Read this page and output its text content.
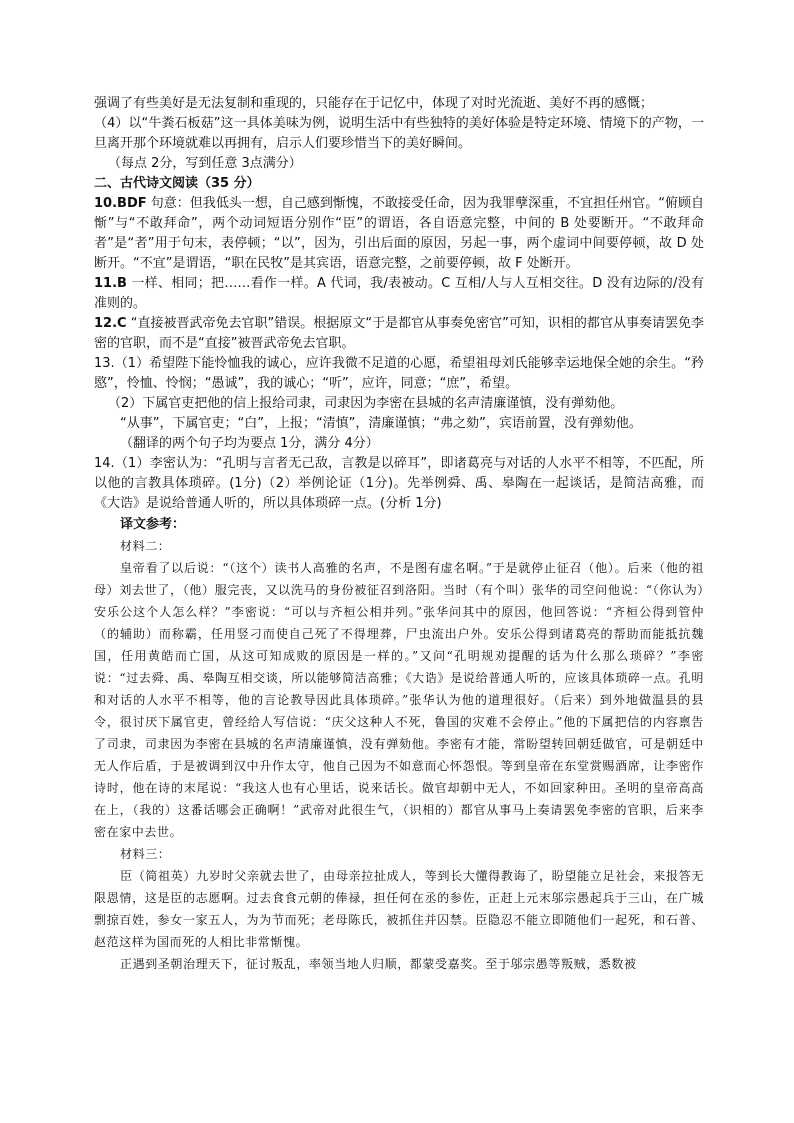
强调了有些美好是无法复制和重现的，只能存在于记忆中，体现了对时光流逝、美好不再的感慨；

（4）以“牛粪石板菇”这一具体美味为例，说明生活中有些独特的美好体验是特定环境、情境下的产物，一旦离开那个环境就难以再拥有，启示人们要珍惜当下的美好瞬间。

（每点 2分，写到任意 3点满分）

二、古代诗文阅读（35 分）

10.BDF 句意：但我低头一想，自己感到惭愧，不敢接受任命，因为我罪孽深重，不宜担任州官。“俯顾自惭”与“不敢拜命”，两个动词短语分别作“臣”的谓语，各自语意完整，中间的 B 处要断开。“不敢拜命者”是“者”用于句末，表停顿；“以”，因为，引出后面的原因，另起一事，两个虚词中间要停顿，故 D 处断开。“不宜”是谓语，“职在民牧”是其宾语，语意完整，之前要停顿，故 F 处断开。

11.B 一样、相同；把……看作一样。A 代词，我/表被动。C 互相/人与人互相交往。D 没有边际的/没有准则的。

12.C “直接被晋武帝免去官职”错误。根据原文“于是都官从事奏免密官”可知，识相的都官从事奏请罢免李密的官职，而不是“直接”被晋武帝免去官职。

13.（1）希望陛下能怜恤我的诚心，应许我微不足道的心愿，希望祖母刘氏能够幸运地保全她的余生。“矜愍”，怜恤、怜悯；“愚诚”，我的诚心；“听”，应许，同意；“庶”，希望。

（2）下属官吏把他的信上报给司隶，司隶因为李密在县城的名声清廉谨慎，没有弹劾他。

“从事”，下属官吏；“白”，上报；“清慎”，清廉谨慎；“弗之劾”，宾语前置，没有弹劾他。

（翻译的两个句子均为要点 1分，满分 4分）

14.（1）李密认为：“孔明与言者无己敌，言教是以碎耳”，即诸葛亮与对话的人水平不相等，不匹配，所以他的言教具体琐碎。(1分)（2）举例论证（1分)。先举例舜、禹、皋陶在一起谈话，是简洁高雅，而《大诰》是说给普通人听的，所以具体琐碎一点。(分析 1分)

译文参考：

材料二：

皇帝看了以后说：“（这个）读书人高雅的名声，不是图有虚名啊。”于是就停止征召（他）。后来（他的祖母）刘去世了，（他）服完丧，又以洗马的身份被征召到洛阳。当时（有个叫）张华的司空问他说：“（你认为）安乐公这个人怎么样？”李密说：“可以与齐桓公相并列。”张华问其中的原因，他回答说：“齐桓公得到管仲（的辅助）而称霸，任用竖刁而使自己死了不得埋葬，尸虫流出户外。安乐公得到诸葛亮的帮助而能抵抗魏国，任用黄皓而亡国，从这可知成败的原因是一样的。”又问“孔明规劝提醒的话为什么那么琐碎？”李密说：“过去舜、禹、皋陶互相交谈，所以能够简洁高雅；《大诰》是说给普通人听的，应该具体琐碎一点。孔明和对话的人水平不相等，他的言论教导因此具体琐碎。”张华认为他的道理很好。（后来）到外地做温县的县令，很讨厌下属官吏，曾经给人写信说：“庆父这种人不死，鲁国的灾难不会停止。”他的下属把信的内容禀告了司隶，司隶因为李密在县城的名声清廉谨慎，没有弹劾他。李密有才能，常盼望转回朝廷做官，可是朝廷中无人作后盾，于是被调到汉中升作太守，他自己因为不如意而心怀怨恨。等到皇帝在东堂赏赐酒席，让李密作诗时，他在诗的末尾说：“我这人也有心里话，说来话长。做官却朝中无人，不如回家种田。圣明的皇帝高高在上，（我的）这番话哪会正确啊！”武帝对此很生气，（识相的）都官从事马上奏请罢免李密的官职，后来李密在家中去世。

材料三：

臣（简祖英）九岁时父亲就去世了，由母亲拉扯成人，等到长大懂得教诲了，盼望能立足社会，来报答无限恩情，这是臣的志愿啊。过去食食元朝的俸禄，担任何在丞的参佐，正赶上元末邬宗愚起兵于三山，在广城剽掠百姓，参女一家五人，为为节而死；老母陈氏，被抓住并囚禁。臣隐忍不能立即随他们一起死，和石普、赵范这样为国而死的人相比非常惭愧。

正遇到圣朝治理天下，征讨叛乱，率领当地人归顺，都蒙受嘉奖。至于邬宗愚等叛贼，悉数被
